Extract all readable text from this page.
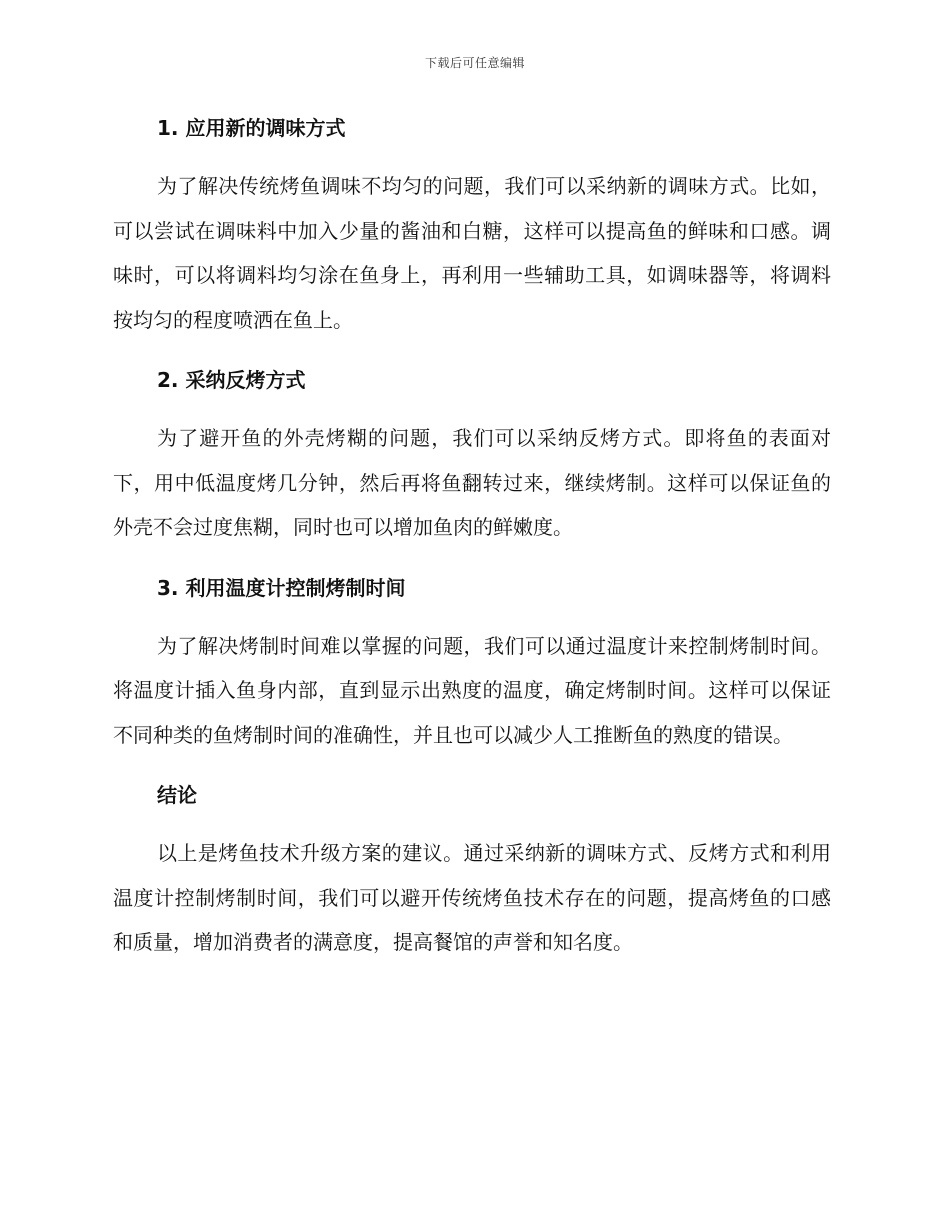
下载后可任意编辑
1. 应用新的调味方式

为了解决传统烤鱼调味不均匀的问题，我们可以采纳新的调味方式。比如，可以尝试在调味料中加入少量的酱油和白糖，这样可以提高鱼的鲜味和口感。调味时，可以将调料均匀涂在鱼身上，再利用一些辅助工具，如调味器等，将调料按均匀的程度喷洒在鱼上。

2. 采纳反烤方式

为了避开鱼的外壳烤糊的问题，我们可以采纳反烤方式。即将鱼的表面对下，用中低温度烤几分钟，然后再将鱼翻转过来，继续烤制。这样可以保证鱼的外壳不会过度焦糊，同时也可以增加鱼肉的鲜嫩度。

3. 利用温度计控制烤制时间

为了解决烤制时间难以掌握的问题，我们可以通过温度计来控制烤制时间。将温度计插入鱼身内部，直到显示出熟度的温度，确定烤制时间。这样可以保证不同种类的鱼烤制时间的准确性，并且也可以减少人工推断鱼的熟度的错误。

结论

以上是烤鱼技术升级方案的建议。通过采纳新的调味方式、反烤方式和利用温度计控制烤制时间，我们可以避开传统烤鱼技术存在的问题，提高烤鱼的口感和质量，增加消费者的满意度，提高餐馆的声誉和知名度。
